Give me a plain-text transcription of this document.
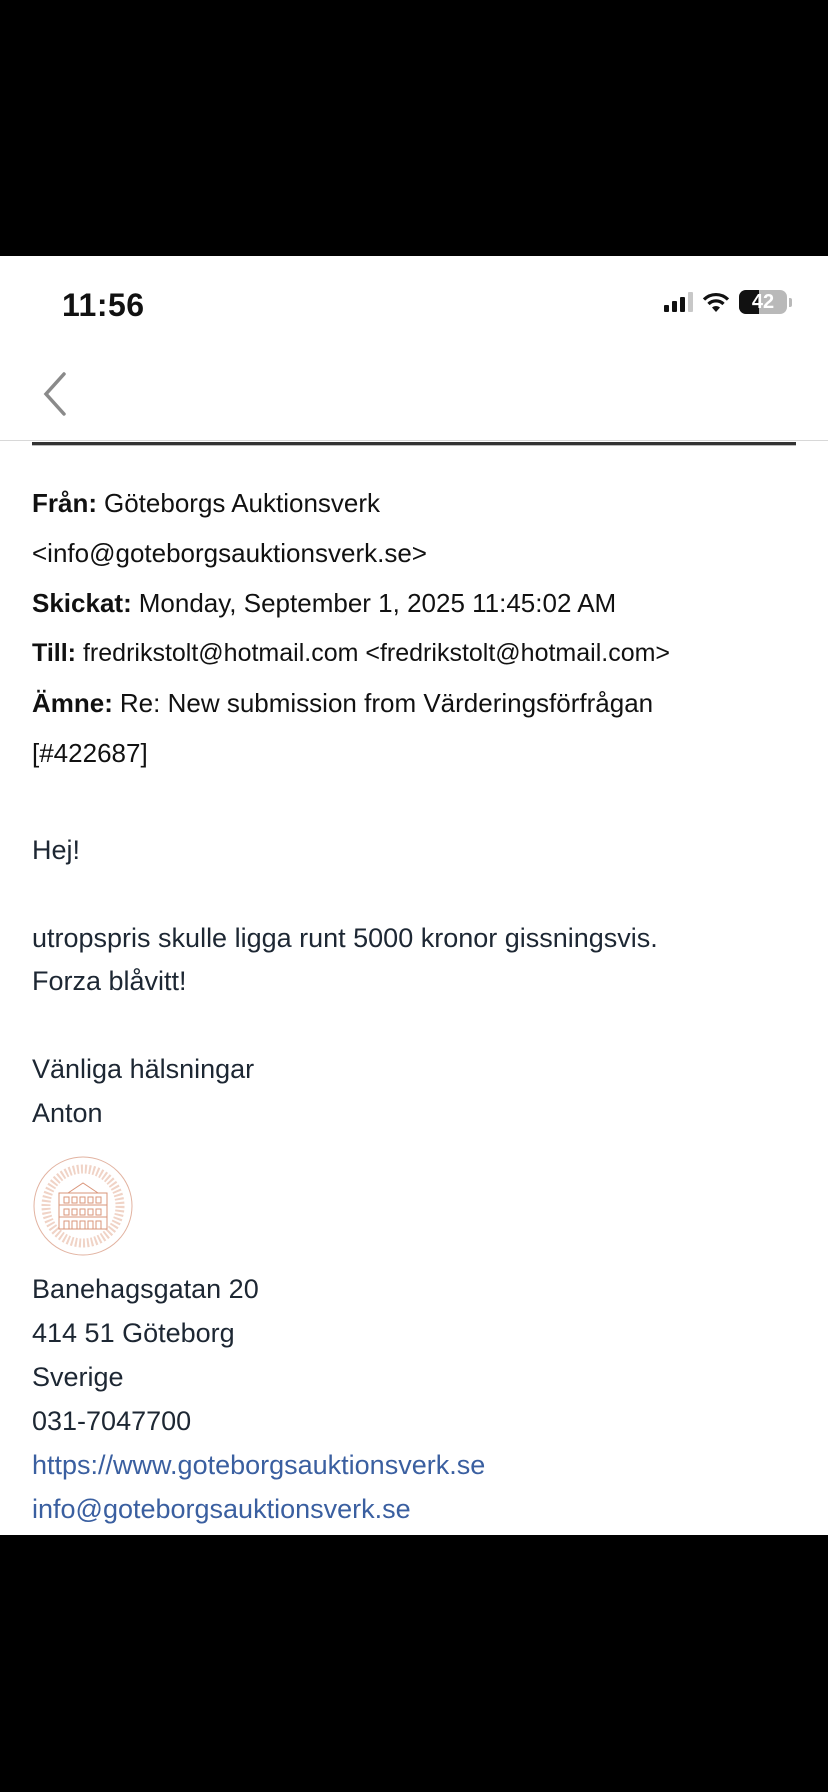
11:56	42
Från: Göteborgs Auktionsverk
<info@goteborgsauktionsverk.se>
Skickat: Monday, September 1, 2025 11:45:02 AM
Till: fredrikstolt@hotmail.com <fredrikstolt@hotmail.com>
Ämne: Re: New submission from Värderingsförfrågan
[#422687]
Hej!
utropspris skulle ligga runt 5000 kronor gissningsvis.
Forza blåvitt!
Vänliga hälsningar
Anton
Banehagsgatan 20
414 51 Göteborg
Sverige
031-7047700
https://www.goteborgsauktionsverk.se
info@goteborgsauktionsverk.se
